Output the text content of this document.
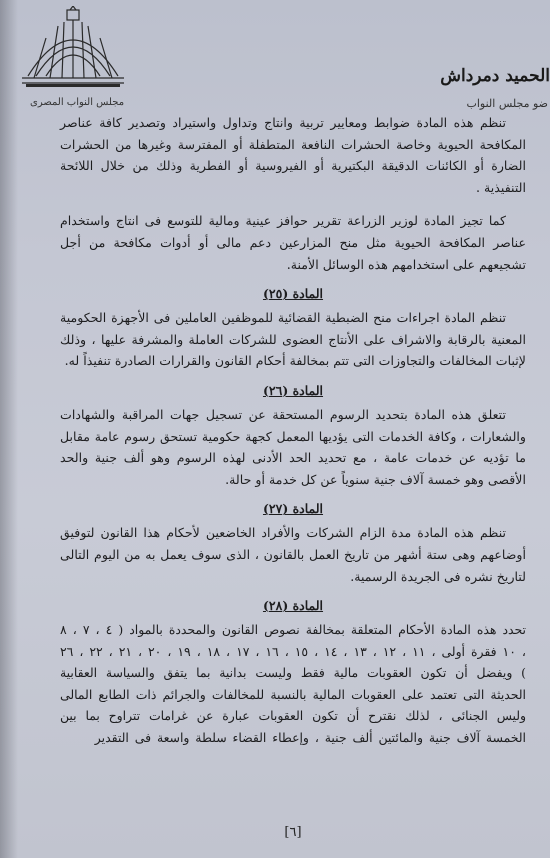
الحميد دمرداش
ضو مجلس النواب
مجلس النواب المصرى

تنظم هذه المادة ضوابط ومعايير تربية وانتاج وتداول واستيراد وتصدير كافة عناصر المكافحة الحيوية وخاصة الحشرات النافعة المتطفلة أو المفترسة وغيرها من الحشرات الضارة أو الكائنات الدقيقة البكتيرية أو الفيروسية أو الفطرية وذلك من خلال اللائحة التنفيذية .

كما تجيز المادة لوزير الزراعة تقرير حوافز عينية ومالية للتوسع فى انتاج واستخدام عناصر المكافحة الحيوية مثل منح المزارعين دعم مالى أو أدوات مكافحة من أجل تشجيعهم على استخدامهم هذه الوسائل الأمنة.

المادة (٢٥)

تنظم المادة اجراءات منح الضبطية القضائية للموظفين العاملين فى الأجهزة الحكومية المعنية بالرقابة والاشراف على الأنتاج العضوى للشركات العاملة والمشرفة عليها ، وذلك لإثبات المخالفات والتجاوزات التى تتم بمخالفة أحكام القانون والقرارات الصادرة تنفيذاً له.

المادة (٢٦)

تتعلق هذه المادة بتحديد الرسوم المستحقة عن تسجيل جهات المراقبة والشهادات والشعارات ، وكافة الخدمات التى يؤديها المعمل كجهة حكومية تستحق رسوم عامة مقابل ما تؤديه عن خدمات عامة ، مع تحديد الحد الأدنى لهذه الرسوم وهو ألف جنية والحد الأقصى وهو خمسة آلاف جنية سنوياً عن كل خدمة أو حالة.

المادة (٢٧)

تنظم هذه المادة مدة الزام الشركات والأفراد الخاضعين لأحكام هذا القانون لتوفيق أوضاعهم وهى ستة أشهر من تاريخ العمل بالقانون ، الذى سوف يعمل به من اليوم التالى لتاريخ نشره فى الجريدة الرسمية.

المادة (٢٨)

تحدد هذه المادة الأحكام المتعلقة بمخالفة نصوص القانون والمحددة بالمواد ( ٤ ، ٧ ، ٨ ، ١٠ فقرة أولى ، ١١ ، ١٢ ، ١٣ ، ١٤ ، ١٥ ، ١٦ ، ١٧ ، ١٨ ، ١٩ ، ٢٠ ، ٢١ ، ٢٢ ، ٢٦ ) ويفضل أن تكون العقوبات مالية فقط وليست بدانية بما يتفق والسياسة العقابية الحديثة التى تعتمد على العقوبات المالية بالنسبة للمخالفات والجرائم ذات الطابع المالى وليس الجنائى ، لذلك نقترح أن تكون العقوبات عبارة عن غرامات تتراوح بما بين الخمسة آلاف جنية والمائتين ألف جنية ، وإعطاء القضاء سلطة واسعة فى التقدير

[٦]
